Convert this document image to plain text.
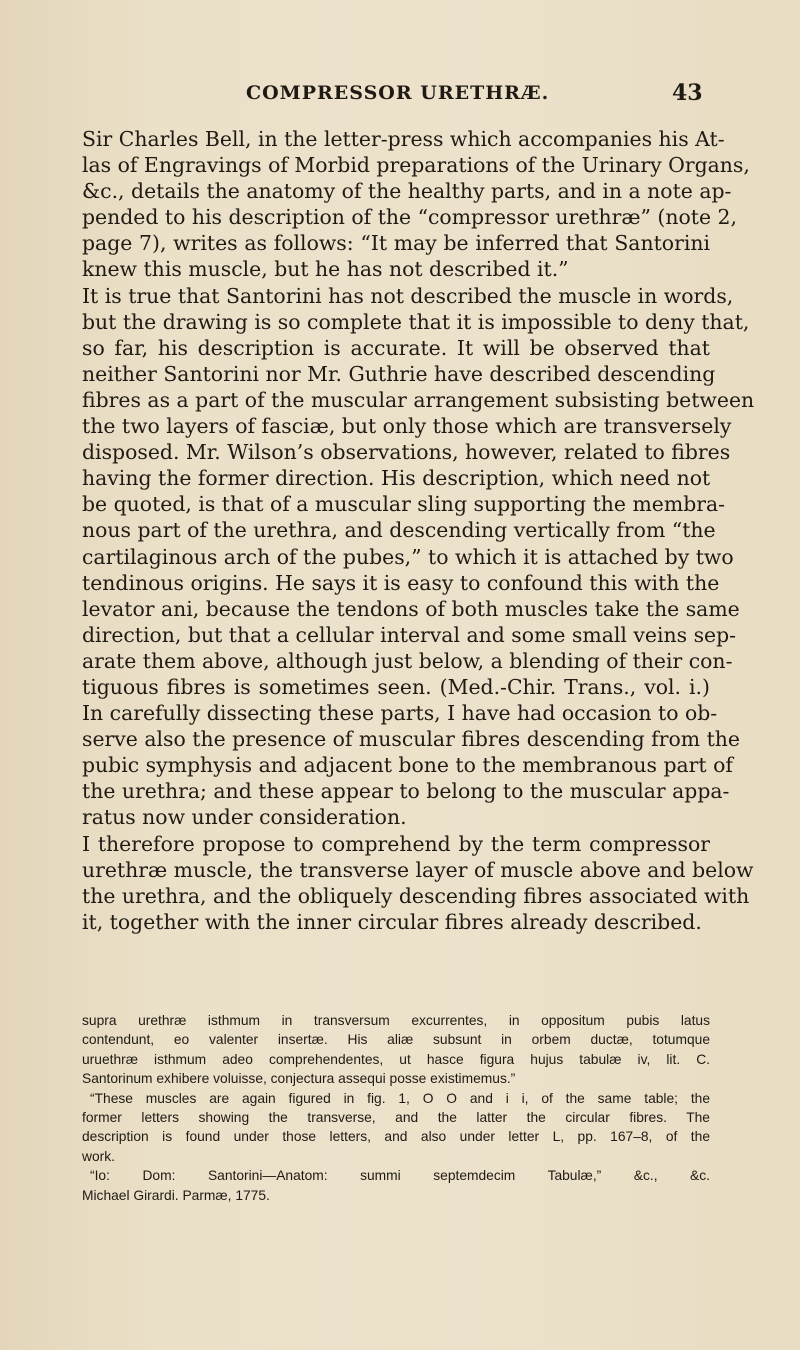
COMPRESSOR URETHRÆ.	43
Sir Charles Bell, in the letter-press which accompanies his At-
las of Engravings of Morbid preparations of the Urinary Organs,
&c., details the anatomy of the healthy parts, and in a note ap-
pended to his description of the “compressor urethræ” (note 2,
page 7), writes as follows: “It may be inferred that Santorini
knew this muscle, but he has not described it.”
It is true that Santorini has not described the muscle in words,
but the drawing is so complete that it is impossible to deny that,
so far, his description is accurate. It will be observed that
neither Santorini nor Mr. Guthrie have described descending
fibres as a part of the muscular arrangement subsisting between
the two layers of fasciæ, but only those which are transversely
disposed. Mr. Wilson’s observations, however, related to fibres
having the former direction. His description, which need not
be quoted, is that of a muscular sling supporting the membra-
nous part of the urethra, and descending vertically from “the
cartilaginous arch of the pubes,” to which it is attached by two
tendinous origins. He says it is easy to confound this with the
levator ani, because the tendons of both muscles take the same
direction, but that a cellular interval and some small veins sep-
arate them above, although just below, a blending of their con-
tiguous fibres is sometimes seen. (Med.-Chir. Trans., vol. i.)
In carefully dissecting these parts, I have had occasion to ob-
serve also the presence of muscular fibres descending from the
pubic symphysis and adjacent bone to the membranous part of
the urethra; and these appear to belong to the muscular appa-
ratus now under consideration.
I therefore propose to comprehend by the term compressor
urethræ muscle, the transverse layer of muscle above and below
the urethra, and the obliquely descending fibres associated with
it, together with the inner circular fibres already described.
supra urethræ isthmum in transversum excurrentes, in oppositum pubis latus
contendunt, eo valenter insertæ. His aliæ subsunt in orbem ductæ, totumque
uruethræ isthmum adeo comprehendentes, ut hasce figura hujus tabulæ iv, lit. C.
Santorinum exhibere voluisse, conjectura assequi posse existimemus.”
“These muscles are again figured in fig. 1, O O and i i, of the same table; the
former letters showing the transverse, and the latter the circular fibres. The
description is found under those letters, and also under letter L, pp. 167–8, of the
work.
“Io: Dom: Santorini—Anatom: summi septemdecim Tabulæ,” &c., &c.
Michael Girardi. Parmæ, 1775.
